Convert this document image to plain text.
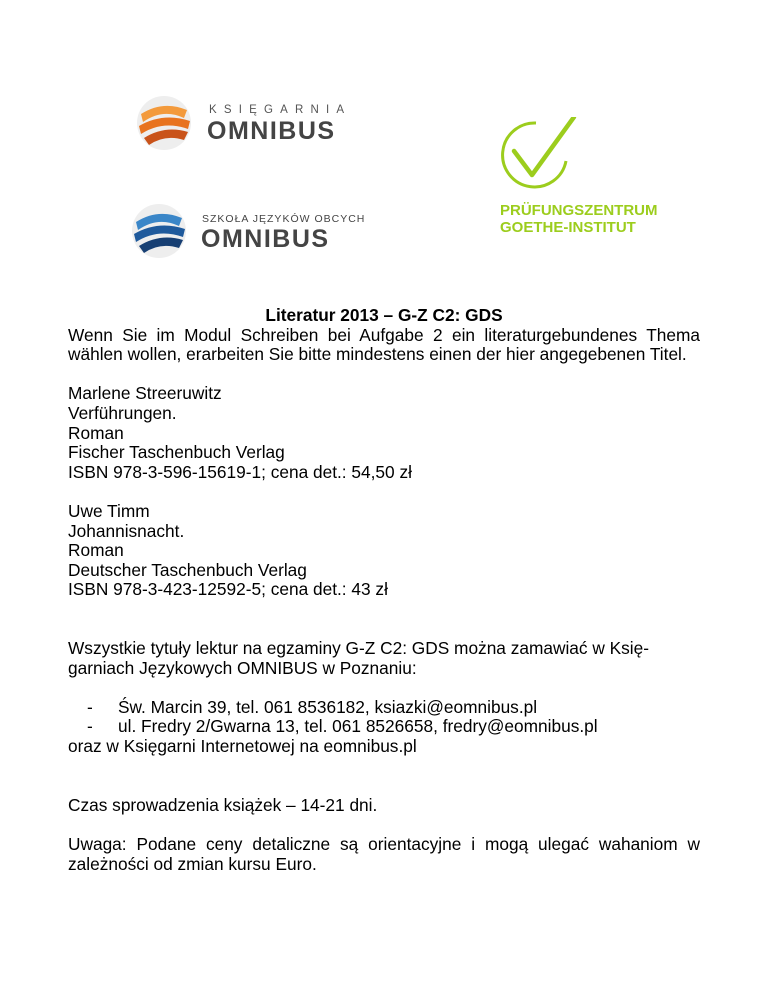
KSIĘGARNIA
OMNIBUS
SZKOŁA JĘZYKÓW OBCYCH
OMNIBUS
PRÜFUNGSZENTRUM
GOETHE-INSTITUT
Literatur 2013 – G-Z C2: GDS
Wenn Sie im Modul Schreiben bei Aufgabe 2 ein literaturgebundenes Thema wählen wollen, erarbeiten Sie bitte mindestens einen der hier angegebenen Titel.
Marlene Streeruwitz
Verführungen.
Roman
Fischer Taschenbuch Verlag
ISBN 978-3-596-15619-1; cena det.: 54,50 zł
Uwe Timm
Johannisnacht.
Roman
Deutscher Taschenbuch Verlag
ISBN 978-3-423-12592-5; cena det.: 43 zł
Wszystkie tytuły lektur na egzaminy G-Z C2: GDS można zamawiać w Księ-
garniach Językowych OMNIBUS w Poznaniu:
- Św. Marcin 39, tel. 061 8536182, ksiazki@eomnibus.pl
- ul. Fredry 2/Gwarna 13, tel. 061 8526658, fredry@eomnibus.pl
oraz w Księgarni Internetowej na eomnibus.pl
Czas sprowadzenia książek – 14-21 dni.
Uwaga: Podane ceny detaliczne są orientacyjne i mogą ulegać wahaniom w zależności od zmian kursu Euro.
